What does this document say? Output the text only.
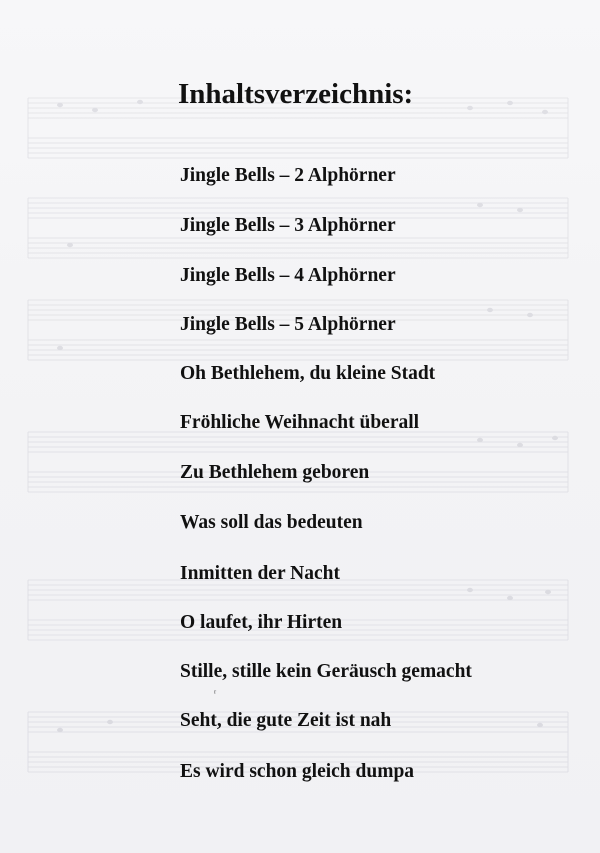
Inhaltsverzeichnis:
Jingle Bells – 2 Alphörner
Jingle Bells – 3 Alphörner
Jingle Bells – 4 Alphörner
Jingle Bells – 5 Alphörner
Oh Bethlehem, du kleine Stadt
Fröhliche Weihnacht überall
Zu Bethlehem geboren
Was soll das bedeuten
Inmitten der Nacht
O laufet, ihr Hirten
Stille, stille kein Geräusch gemacht
Seht, die gute Zeit ist nah
Es wird schon gleich dumpa
ʳ
